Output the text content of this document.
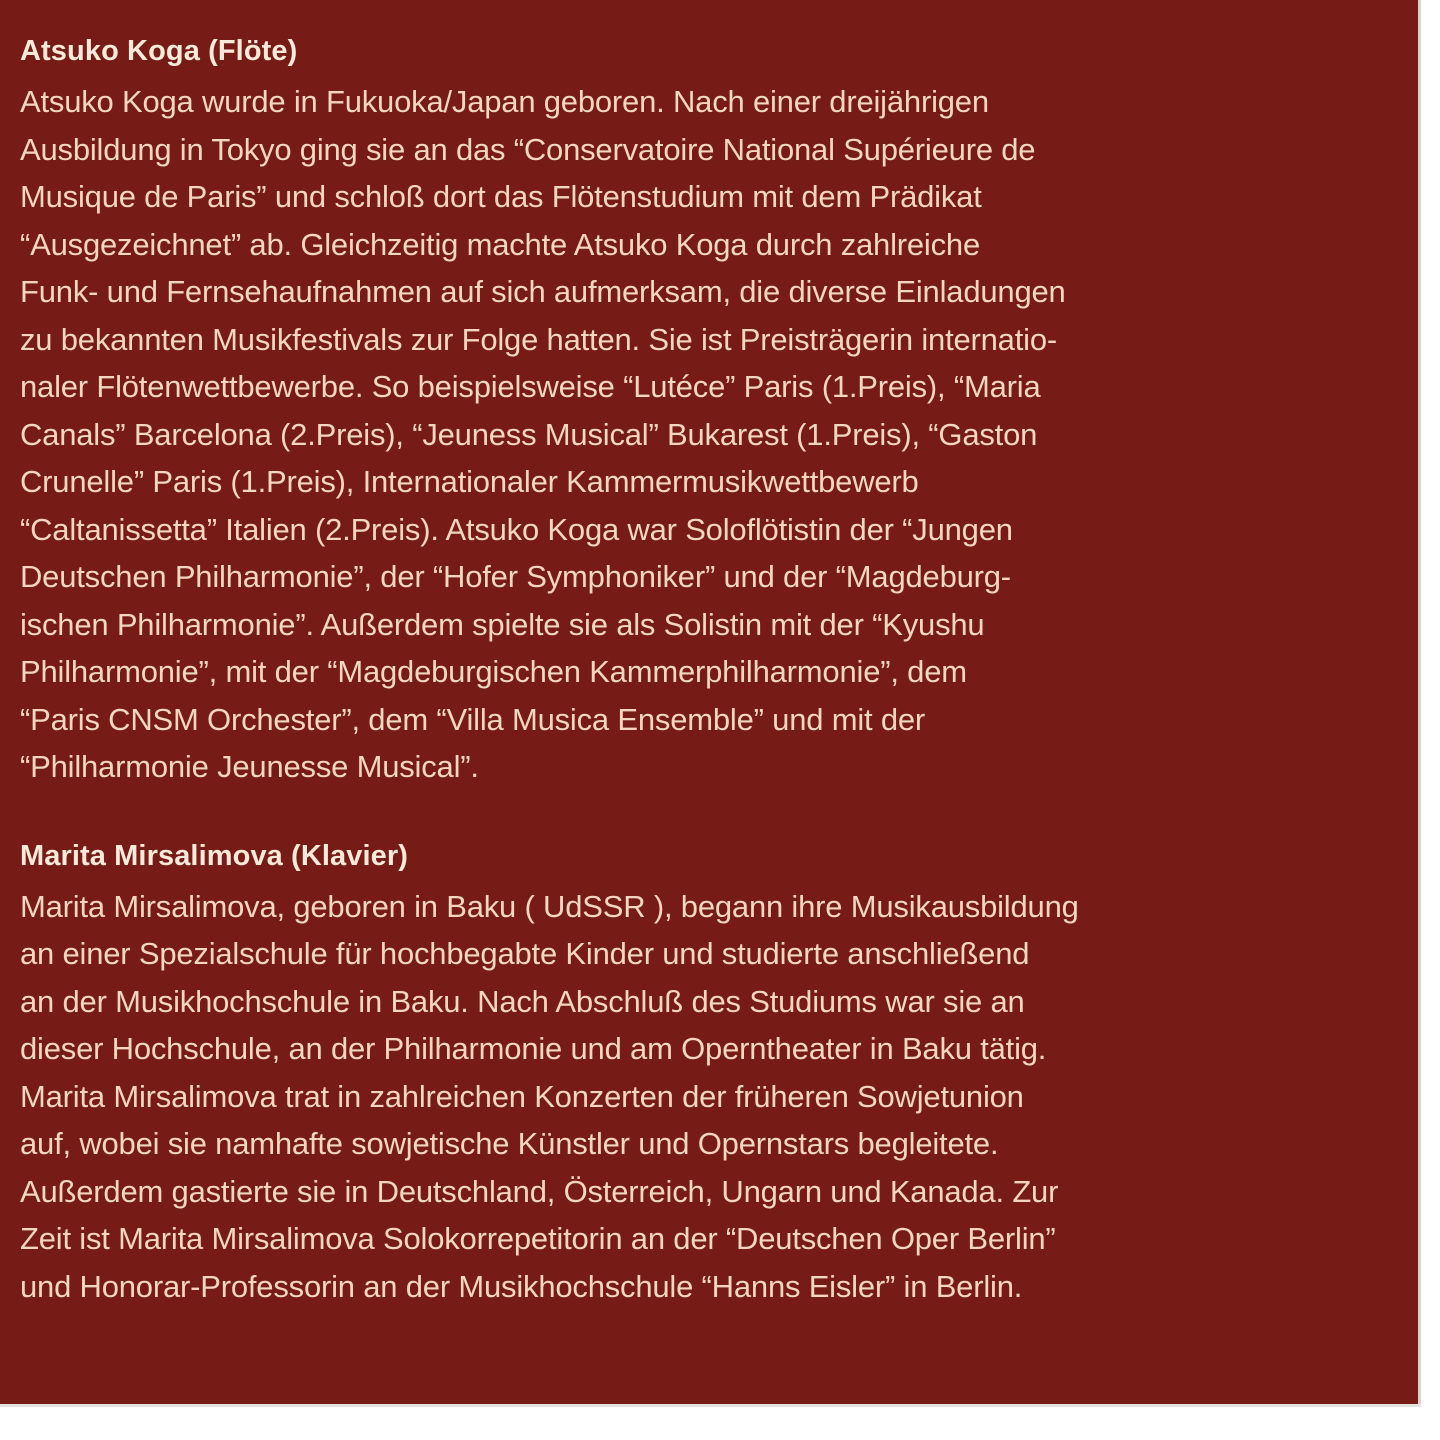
Atsuko Koga (Flöte)
Atsuko Koga wurde in Fukuoka/Japan geboren. Nach einer dreijährigen
Ausbildung in Tokyo ging sie an das “Conservatoire National Supérieure de
Musique de Paris” und schloß dort das Flötenstudium mit dem Prädikat
“Ausgezeichnet” ab. Gleichzeitig machte Atsuko Koga durch zahlreiche
Funk- und Fernsehaufnahmen auf sich aufmerksam, die diverse Einladungen
zu bekannten Musikfestivals zur Folge hatten. Sie ist Preisträgerin internatio-
naler Flötenwettbewerbe. So beispielsweise “Lutéce” Paris (1.Preis), “Maria
Canals” Barcelona (2.Preis), “Jeuness Musical” Bukarest (1.Preis), “Gaston
Crunelle” Paris (1.Preis), Internationaler Kammermusikwettbewerb
“Caltanissetta” Italien (2.Preis). Atsuko Koga war Soloflötistin der “Jungen
Deutschen Philharmonie”, der “Hofer Symphoniker” und der “Magdeburg-
ischen Philharmonie”. Außerdem spielte sie als Solistin mit der “Kyushu
Philharmonie”, mit der “Magdeburgischen Kammerphilharmonie”, dem
“Paris CNSM Orchester”, dem “Villa Musica Ensemble” und mit der
“Philharmonie Jeunesse Musical”.
Marita Mirsalimova (Klavier)
Marita Mirsalimova, geboren in Baku ( UdSSR ), begann ihre Musikausbildung
an einer Spezialschule für hochbegabte Kinder und studierte anschließend
an der Musikhochschule in Baku. Nach Abschluß des Studiums war sie an
dieser Hochschule, an der Philharmonie und am Operntheater in Baku tätig.
Marita Mirsalimova trat in zahlreichen Konzerten der früheren Sowjetunion
auf, wobei sie namhafte sowjetische Künstler und Opernstars begleitete.
Außerdem gastierte sie in Deutschland, Österreich, Ungarn und Kanada. Zur
Zeit ist Marita Mirsalimova Solokorrepetitorin an der “Deutschen Oper Berlin”
und Honorar-Professorin an der Musikhochschule “Hanns Eisler” in Berlin.
